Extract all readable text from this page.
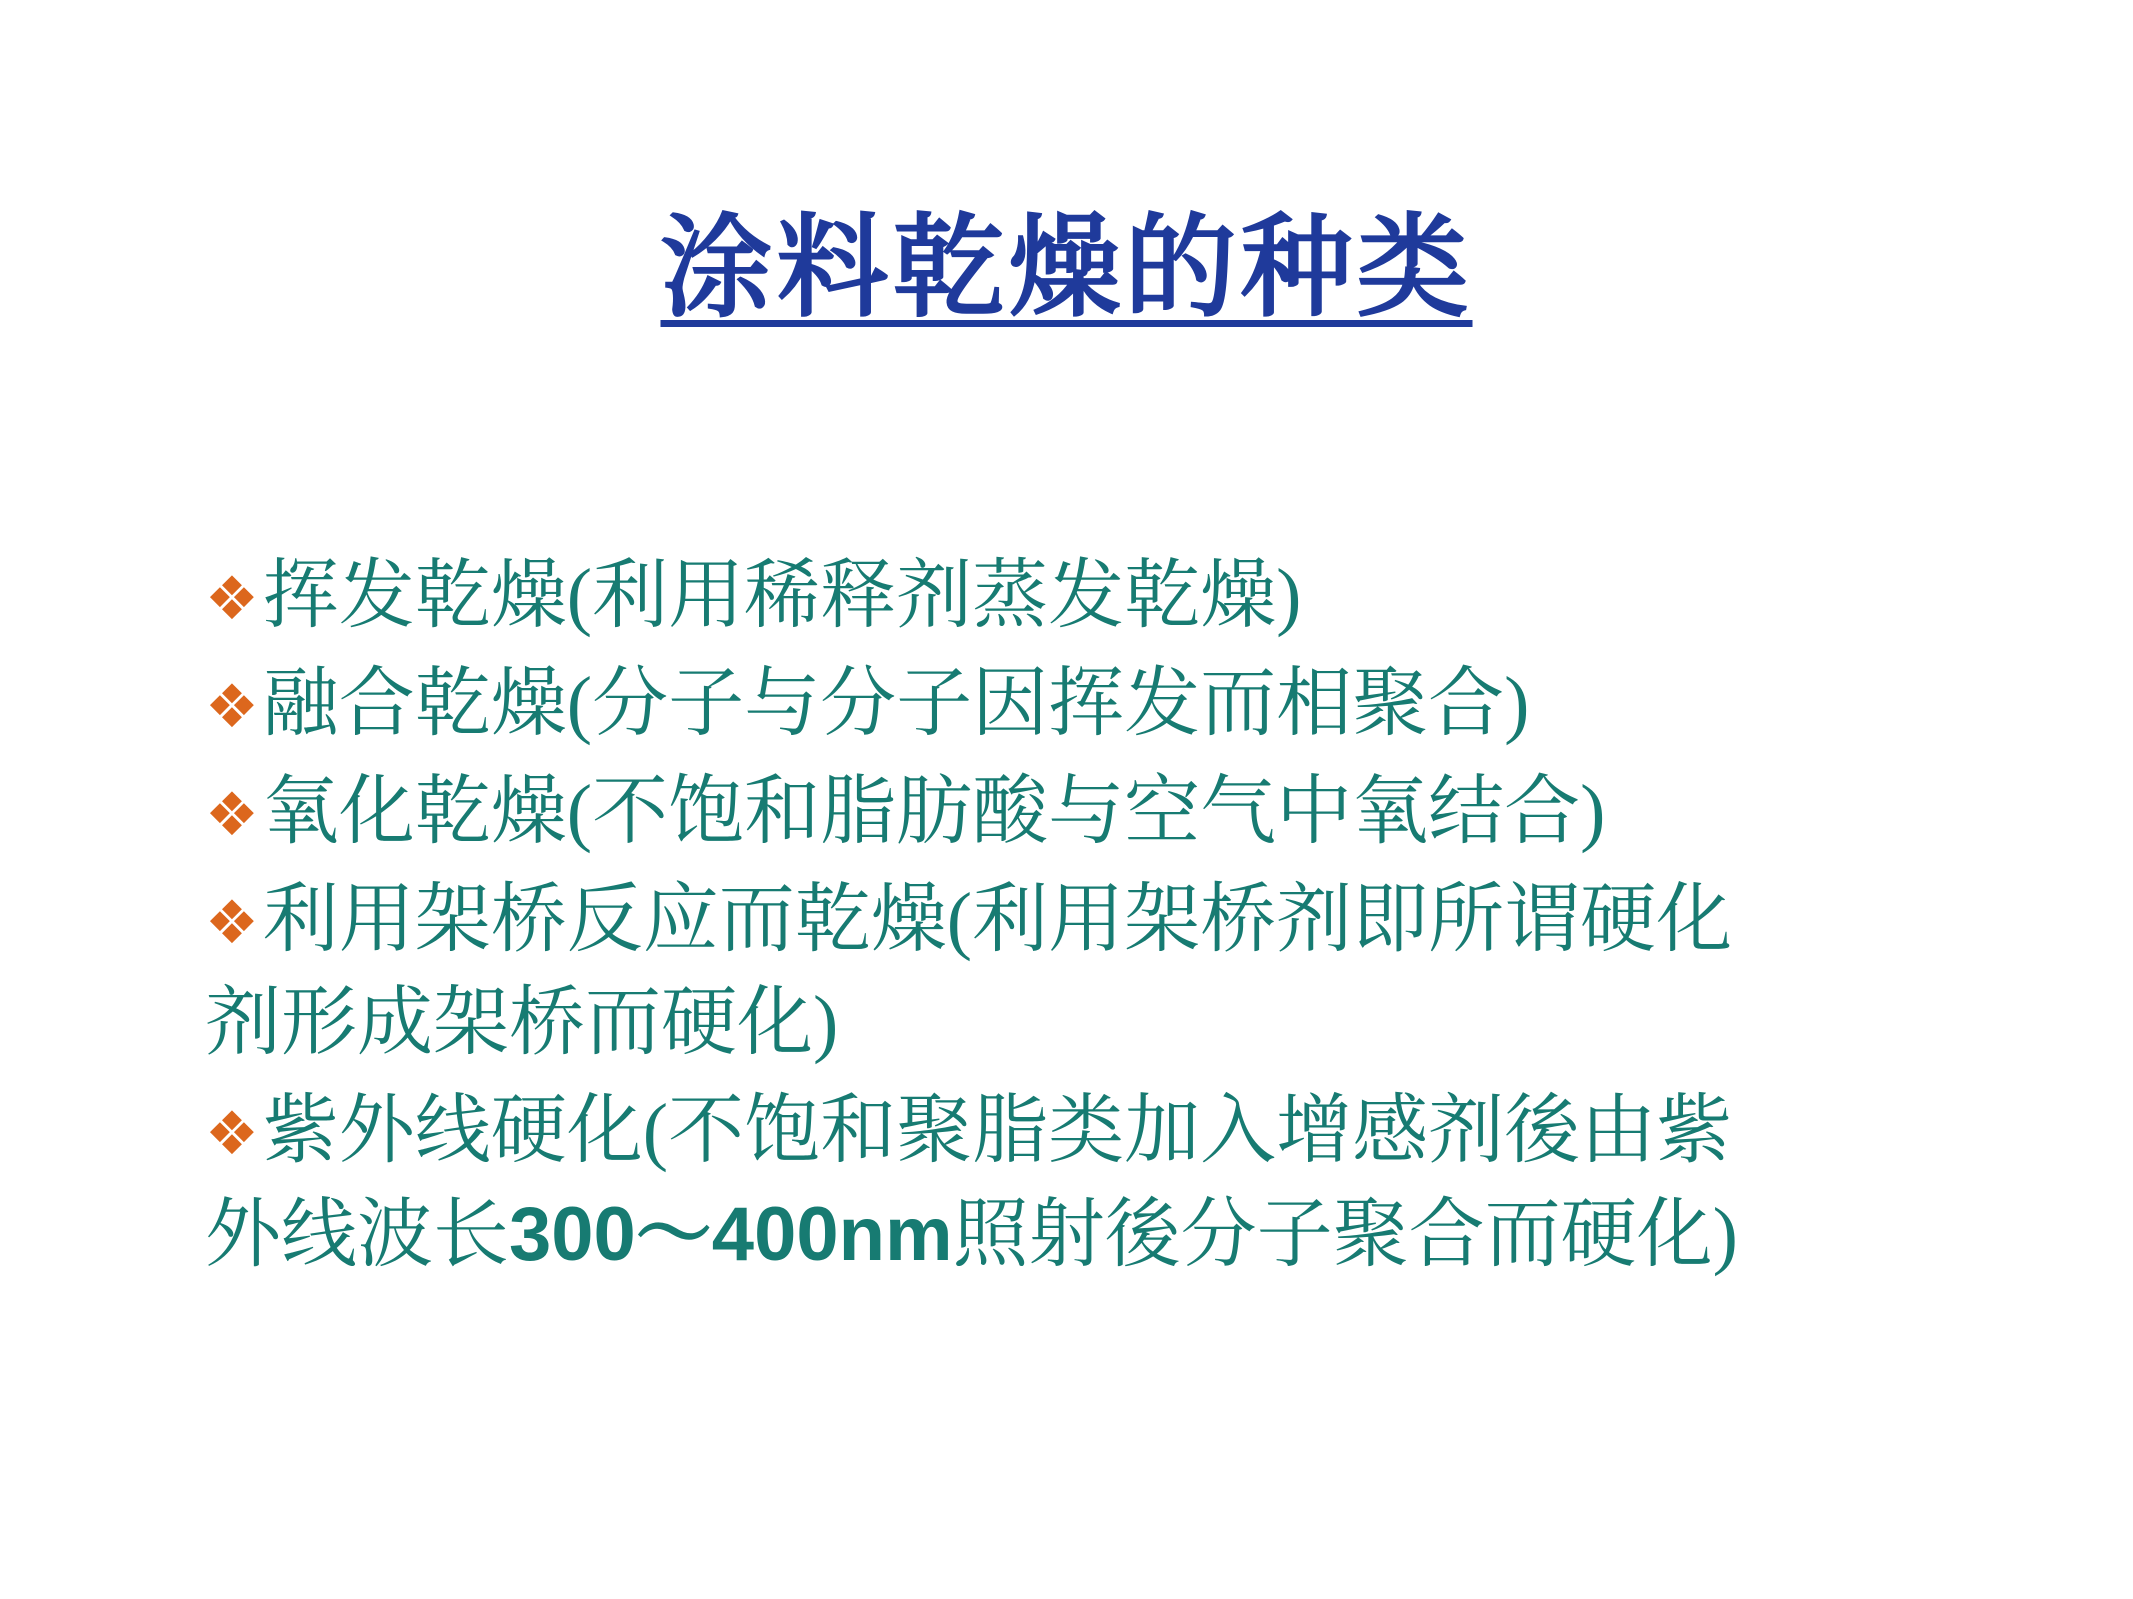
涂料乾燥的种类
❖挥发乾燥(利用稀释剂蒸发乾燥)
❖融合乾燥(分子与分子因挥发而相聚合)
❖氧化乾燥(不饱和脂肪酸与空气中氧结合)
❖利用架桥反应而乾燥(利用架桥剂即所谓硬化剂形成架桥而硬化)
❖紫外线硬化(不饱和聚脂类加入增感剂後由紫外线波长300～400nm照射後分子聚合而硬化)
